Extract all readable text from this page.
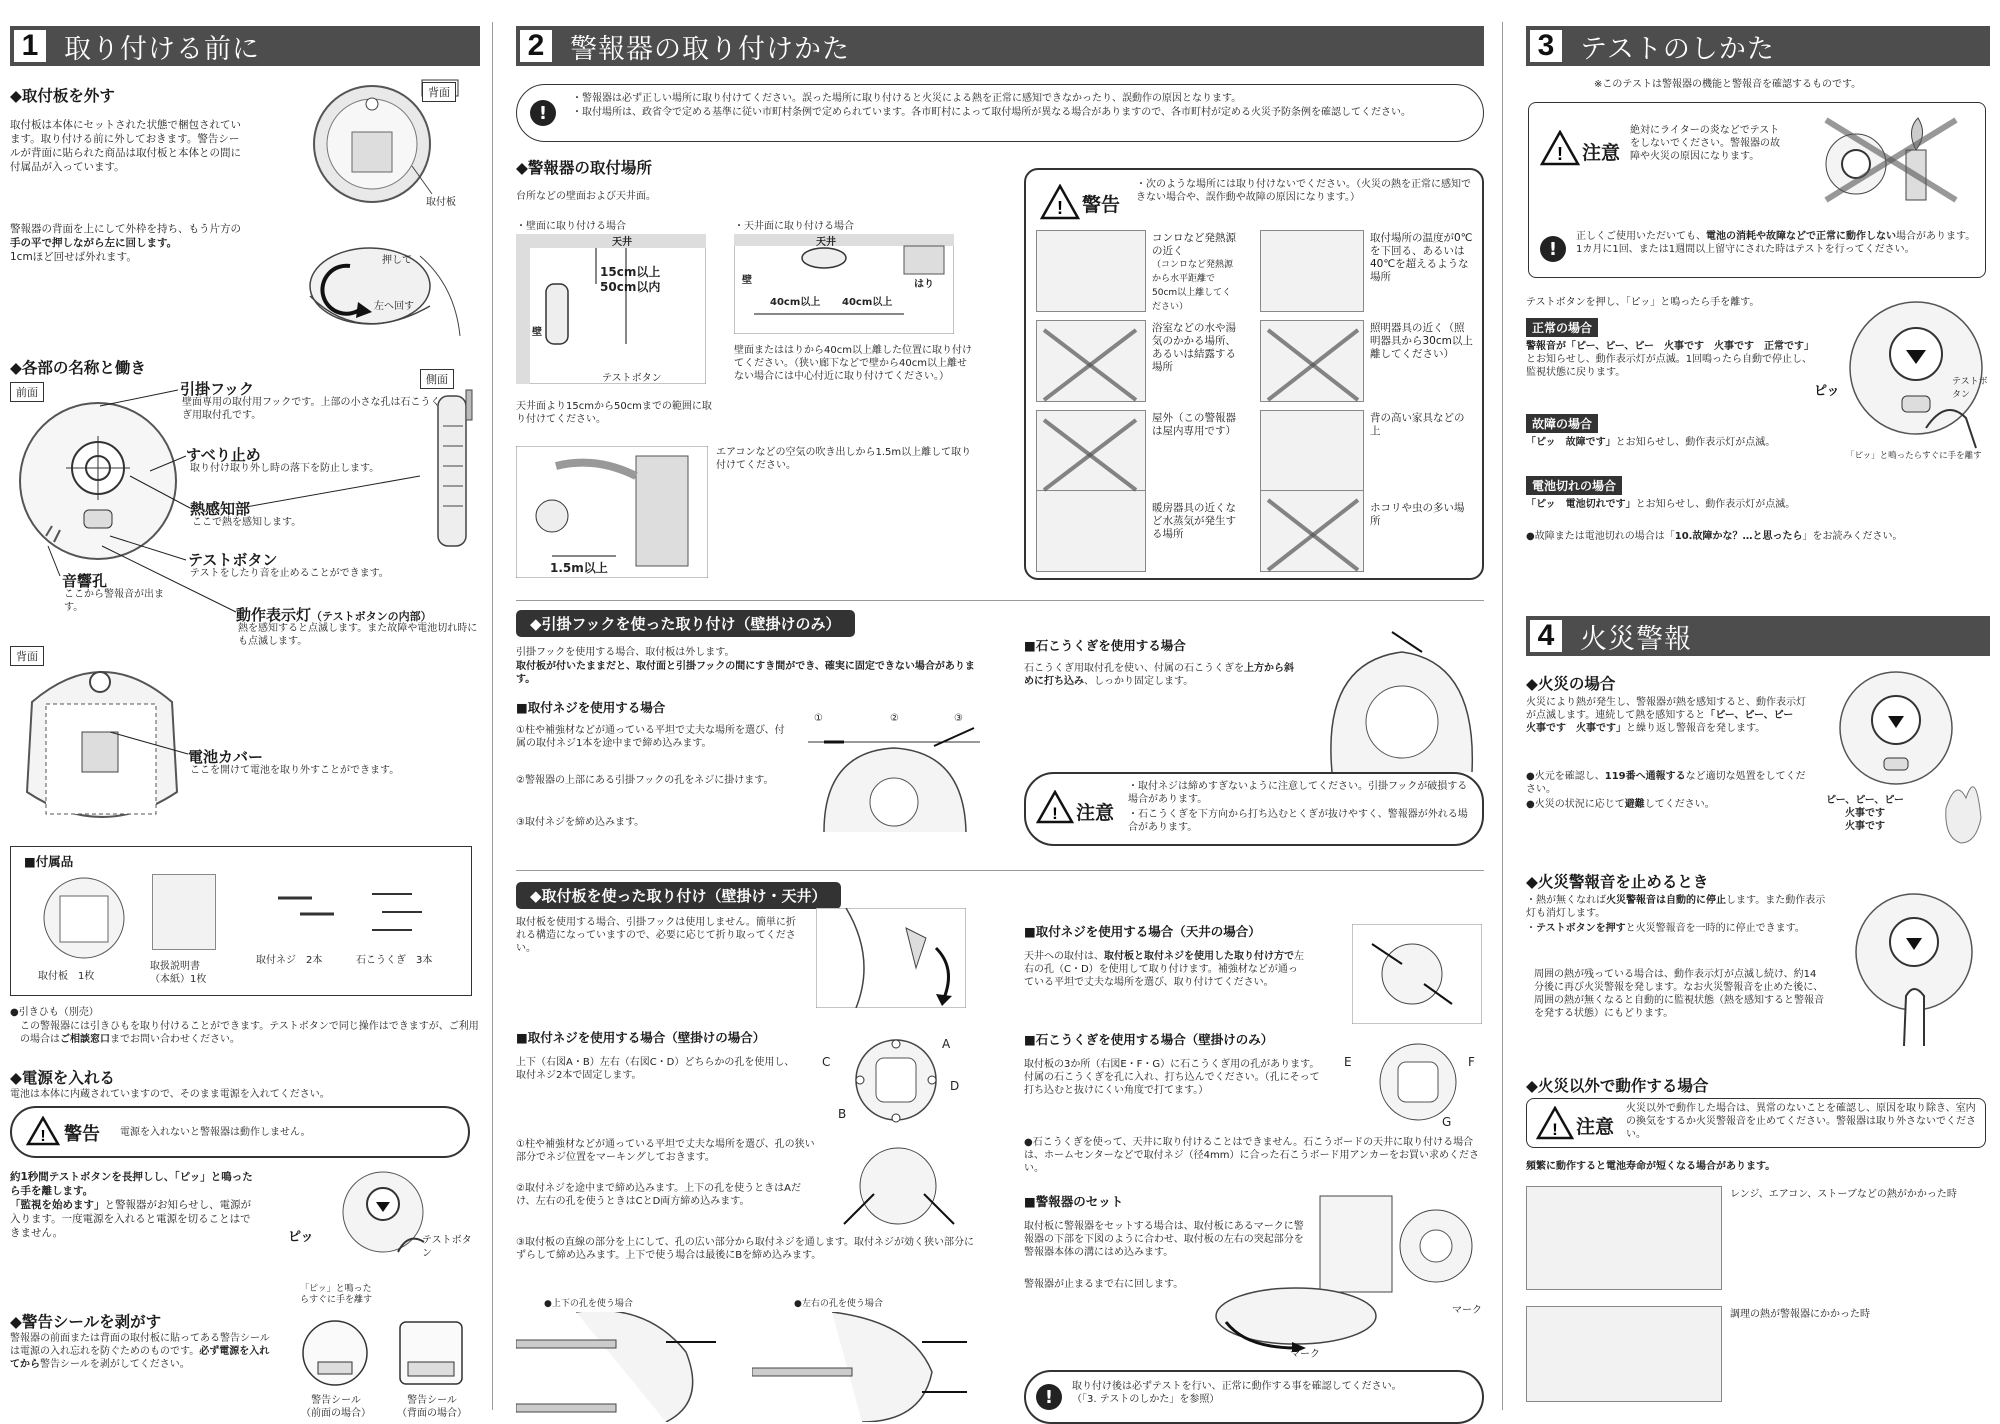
1 取り付ける前に
◆取付板を外す
取付板は本体にセットされた状態で梱包されています。取り付ける前に外しておきます。警告シールが背面に貼られた商品は取付板と本体との間に付属品が入っています。
警報器の背面を上にして外枠を持ち、もう片方の手の平で押しながら左に回します。
1cmほど回せば外れます。
背面
取付板
押して
左へ回す
◆各部の名称と働き
前面
側面
引掛フック
壁面専用の取付用フックです。上部の小さな孔は石こうくぎ用取付孔です。
すべり止め
取り付け取り外し時の落下を防止します。
熱感知部
ここで熱を感知します。
テストボタン
テストをしたり音を止めることができます。
音響孔
ここから警報音が出ます。	動作表示灯（テストボタンの内部）
熱を感知すると点滅します。また故障や電池切れ時にも点滅します。
背面
電池カバー
ここを開けて電池を取り外すことができます。
■付属品
取付板　1枚
取扱説明書
（本紙）1枚
取付ネジ　2本	石こうくぎ　3本
●引きひも（別売）
この警報器には引きひもを取り付けることができます。テストボタンで同じ操作はできますが、ご利用の場合はご相談窓口までお問い合わせください。
◆電源を入れる
電池は本体に内蔵されていますので、そのまま電源を入れてください。
! 警告 電源を入れないと警報器は動作しません。
約1秒間テストボタンを長押しし、「ピッ」と鳴ったら手を離します。
「監視を始めます」と警報器がお知らせし、電源が入ります。一度電源を入れると電源を切ることはできません。	ピッ	テストボタン
「ピッ」と鳴ったらすぐに手を離す
◆警告シールを剥がす
警報器の前面または背面の取付板に貼ってある警告シールは電源の入れ忘れを防ぐためのものです。必ず電源を入れてから警告シールを剥がしてください。
警告シール
（前面の場合）
警告シール
（背面の場合）
2 警報器の取り付けかた
!
・警報器は必ず正しい場所に取り付けてください。誤った場所に取り付けると火災による熱を正常に感知できなかったり、誤動作の原因となります。
・取付場所は、政省令で定める基準に従い市町村条例で定められています。各市町村によって取付場所が異なる場合がありますので、各市町村が定める火災予防条例を確認してください。
◆警報器の取付場所
台所などの壁面および天井面。
・壁面に取り付ける場合	・天井面に取り付ける場合
天井
壁
15cm以上
50cm以内
テストボタン
天井
壁	はり
40cm以上 40cm以上
天井面より15cmから50cmまでの範囲に取り付けてください。
壁面またははりから40cm以上離した位置に取り付けてください。（狭い廊下などで壁から40cm以上離せない場合には中心付近に取り付けてください。）
1.5m以上
エアコンなどの空気の吹き出しから1.5m以上離して取り付けてください。
! 警告
・次のような場所には取り付けないでください。（火災の熱を正常に感知できない場合や、誤作動や故障の原因になります。）
コンロなど発熱源の近く
（コンロなど発熱源から水平距離で50cm以上離してください）
取付場所の温度が0℃を下回る、あるいは40℃を超えるような場所
浴室などの水や湯気のかかる場所、あるいは結露する場所
照明器具の近く（照明器具から30cm以上離してください）
屋外（この警報器は屋内専用です）
背の高い家具などの上
暖房器具の近くなど水蒸気が発生する場所
ホコリや虫の多い場所
◆引掛フックを使った取り付け（壁掛けのみ）
引掛フックを使用する場合、取付板は外します。
取付板が付いたままだと、取付面と引掛フックの間にすき間ができ、確実に固定できない場合があります。
■取付ネジを使用する場合
①柱や補強材などが通っている平坦で丈夫な場所を選び、付属の取付ネジ1本を途中まで締め込みます。
②警報器の上部にある引掛フックの孔をネジに掛けます。
③取付ネジを締め込みます。
①	②	③
■石こうくぎを使用する場合
石こうくぎ用取付孔を使い、付属の石こうくぎを上方から斜めに打ち込み、しっかり固定します。
! 注意
・取付ネジは締めすぎないように注意してください。引掛フックが破損する場合があります。
・石こうくぎを下方向から打ち込むとくぎが抜けやすく、警報器が外れる場合があります。
◆取付板を使った取り付け（壁掛け・天井）
取付板を使用する場合、引掛フックは使用しません。簡単に折れる構造になっていますので、必要に応じて折り取ってください。
■取付ネジを使用する場合（壁掛けの場合）
上下（右図A・B）左右（右図C・D）どちらかの孔を使用し、取付ネジ2本で固定します。
A
B
C
D
①柱や補強材などが通っている平坦で丈夫な場所を選び、孔の狭い部分でネジ位置をマーキングしておきます。
②取付ネジを途中まで締め込みます。上下の孔を使うときはAだけ、左右の孔を使うときはCとD両方締め込みます。
③取付板の直線の部分を上にして、孔の広い部分から取付ネジを通します。取付ネジが効く狭い部分にずらして締め込みます。上下で使う場合は最後にBを締め込みます。
●上下の孔を使う場合	●左右の孔を使う場合
■取付ネジを使用する場合（天井の場合）
天井への取付は、取付板と取付ネジを使用した取り付け方で左右の孔（C・D）を使用して取り付けます。補強材などが通っている平坦で丈夫な場所を選び、取り付けてください。
■石こうくぎを使用する場合（壁掛けのみ）
取付板の3か所（右図E・F・G）に石こうくぎ用の孔があります。付属の石こうくぎを孔に入れ、打ち込んでください。（孔にそって打ち込むと抜けにくい角度で打てます。）
E	F
G
●石こうくぎを使って、天井に取り付けることはできません。石こうボードの天井に取り付ける場合は、ホームセンターなどで取付ネジ（径4mm）に合った石こうボード用アンカーをお買い求めください。
■警報器のセット
取付板に警報器をセットする場合は、取付板にあるマークに警報器の下部を下図のように合わせ、取付板の左右の突起部分を警報器本体の溝にはめ込みます。
警報器が止まるまで右に回します。
マーク
マーク
!	取り付け後は必ずテストを行い、正常に動作する事を確認してください。
（「3. テストのしかた」を参照）
3 テストのしかた
※このテストは警報器の機能と警報音を確認するものです。
! 注意
絶対にライターの炎などでテストをしないでください。警報器の故障や火災の原因になります。
!
正しくご使用いただいても、電池の消耗や故障などで正常に動作しない場合があります。1カ月に1回、または1週間以上留守にされた時はテストを行ってください。
テストボタンを押し、「ピッ」と鳴ったら手を離す。
正常の場合
警報音が「ピー、ピー、ピー　火事です　火事です　正常です」とお知らせし、動作表示灯が点滅。1回鳴ったら自動で停止し、監視状態に戻ります。
故障の場合
「ピッ　故障です」とお知らせし、動作表示灯が点滅。
電池切れの場合
「ピッ　電池切れです」とお知らせし、動作表示灯が点滅。
●故障または電池切れの場合は「10.故障かな？…と思ったら」をお読みください。
ピッ
テストボタン
「ピッ」と鳴ったらすぐに手を離す
4 火災警報
◆火災の場合
火災により熱が発生し、警報器が熱を感知すると、動作表示灯が点滅します。連続して熱を感知すると「ピー、ピー、ピー　火事です　火事です」と繰り返し警報音を発します。
●火元を確認し、119番へ通報するなど適切な処置をしてください。
●火災の状況に応じて避難してください。	ピー、ピー、ピー
火事です
火事です
◆火災警報音を止めるとき
・熱が無くなれば火災警報音は自動的に停止します。また動作表示灯も消灯します。
・テストボタンを押すと火災警報音を一時的に停止できます。
周囲の熱が残っている場合は、動作表示灯が点滅し続け、約14分後に再び火災警報を発します。なお火災警報音を止めた後に、周囲の熱が無くなると自動的に監視状態（熱を感知すると警報音を発する状態）にもどります。
◆火災以外で動作する場合
! 注意
火災以外で動作した場合は、異常のないことを確認し、原因を取り除き、室内の換気をするか火災警報音を止めてください。警報器は取り外さないでください。
頻繁に動作すると電池寿命が短くなる場合があります。
レンジ、エアコン、ストーブなどの熱がかかった時
調理の熱が警報器にかかった時
